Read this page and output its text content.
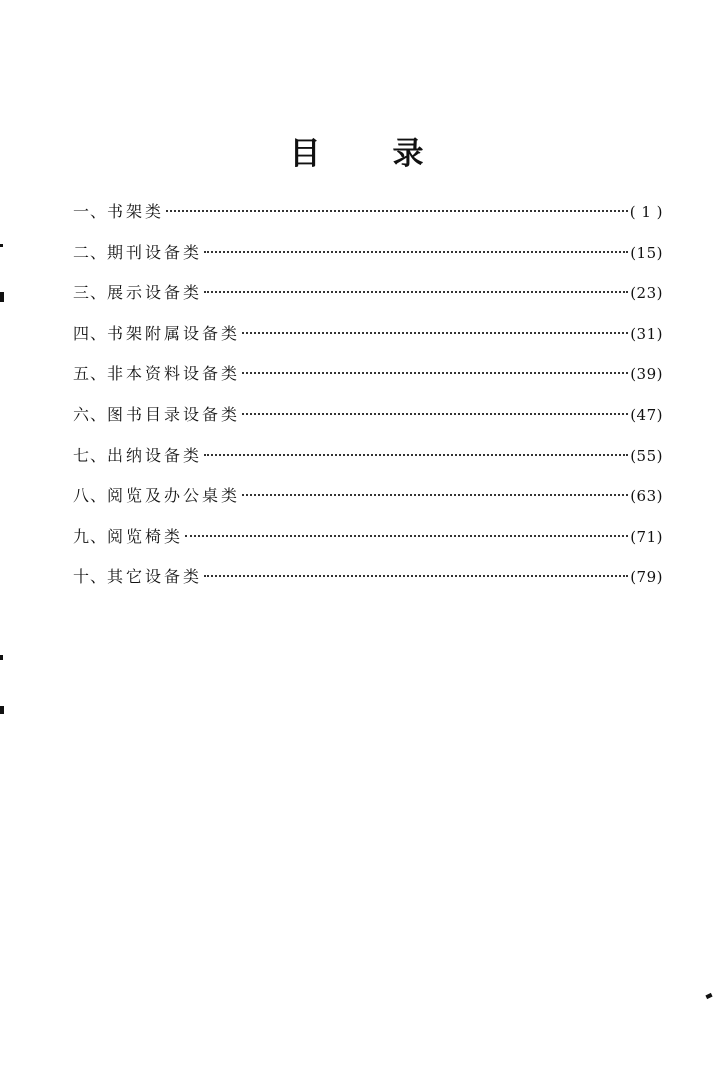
目 录
一、 书架类	( 1 )
二、 期刊设备类	(15)
三、 展示设备类	(23)
四、 书架附属设备类	(31)
五、 非本资料设备类	(39)
六、 图书目录设备类	(47)
七、 出纳设备类	(55)
八、 阅览及办公桌类	(63)
九、 阅览椅类	(71)
十、 其它设备类	(79)
